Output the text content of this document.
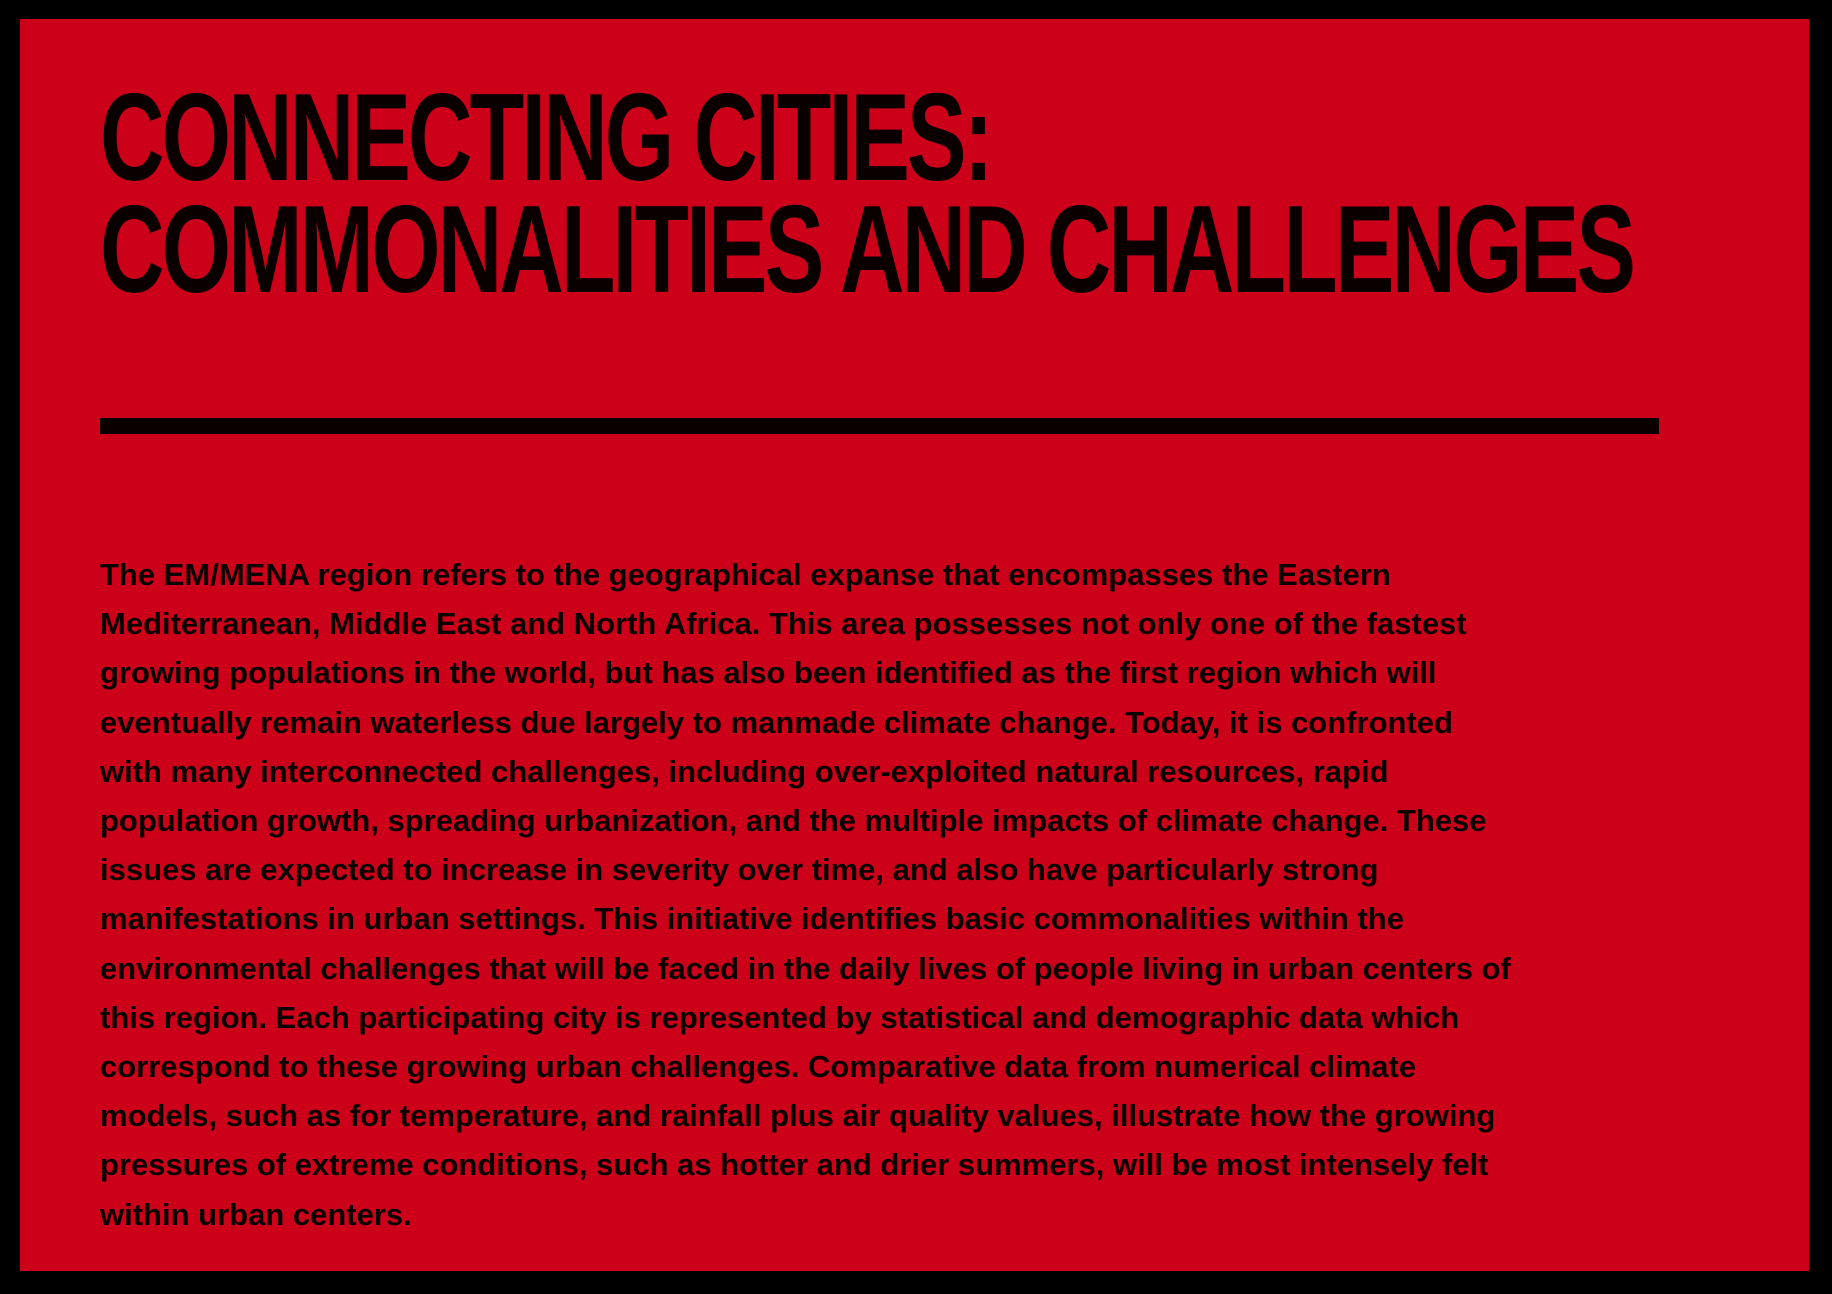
CONNECTING CITIES:
COMMONALITIES AND CHALLENGES

The EM/MENA region refers to the geographical expanse that encompasses the Eastern
Mediterranean, Middle East and North Africa. This area possesses not only one of the fastest
growing populations in the world, but has also been identified as the first region which will
eventually remain waterless due largely to manmade climate change. Today, it is confronted
with many interconnected challenges, including over-exploited natural resources, rapid
population growth, spreading urbanization, and the multiple impacts of climate change. These
issues are expected to increase in severity over time, and also have particularly strong
manifestations in urban settings. This initiative identifies basic commonalities within the
environmental challenges that will be faced in the daily lives of people living in urban centers of
this region. Each participating city is represented by statistical and demographic data which
correspond to these growing urban challenges. Comparative data from numerical climate
models, such as for temperature, and rainfall plus air quality values, illustrate how the growing
pressures of extreme conditions, such as hotter and drier summers, will be most intensely felt
within urban centers.
